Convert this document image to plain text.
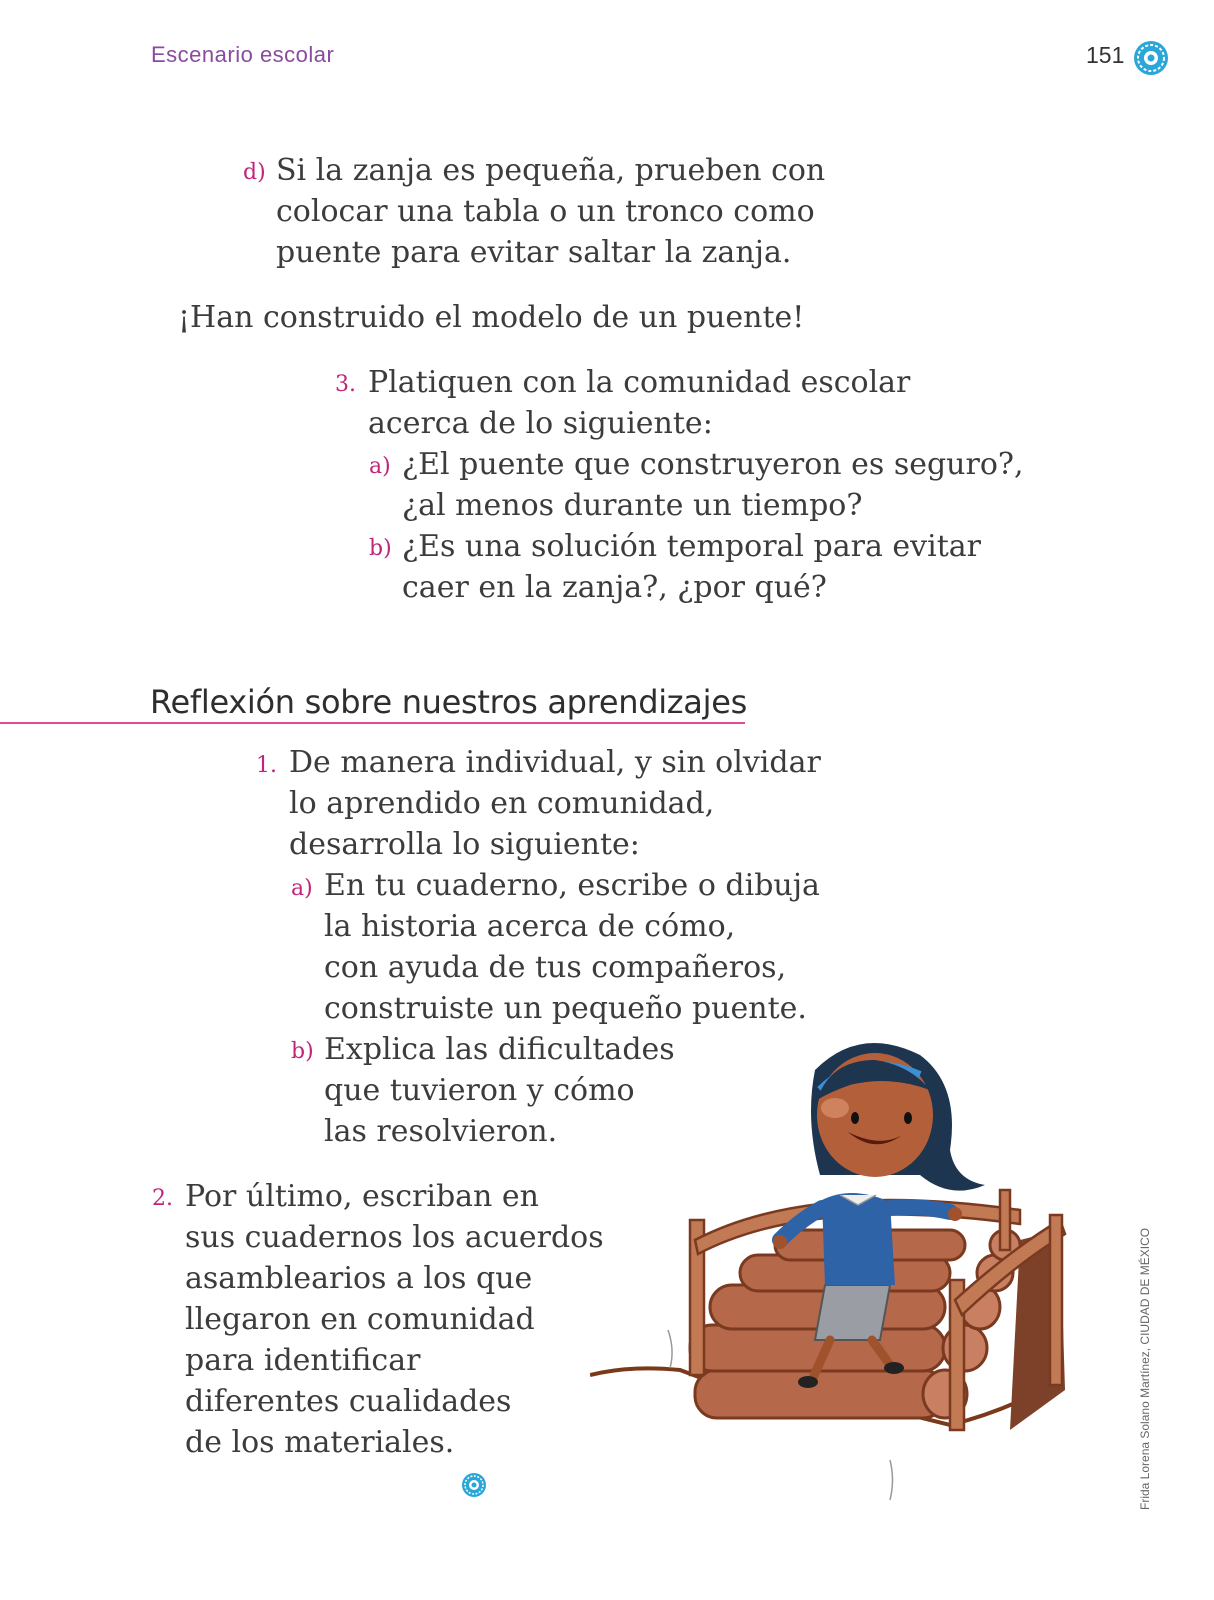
Escenario escolar	151
d) Si la zanja es pequeña, prueben con
colocar una tabla o un tronco como
puente para evitar saltar la zanja.
¡Han construido el modelo de un puente!
3. Platiquen con la comunidad escolar
acerca de lo siguiente:
a) ¿El puente que construyeron es seguro?,
¿al menos durante un tiempo?
b) ¿Es una solución temporal para evitar
caer en la zanja?, ¿por qué?
Reflexión sobre nuestros aprendizajes
1. De manera individual, y sin olvidar
lo aprendido en comunidad,
desarrolla lo siguiente:
a) En tu cuaderno, escribe o dibuja
la historia acerca de cómo,
con ayuda de tus compañeros,
construiste un pequeño puente.
b) Explica las dificultades
que tuvieron y cómo
las resolvieron.
2. Por último, escriban en
sus cuadernos los acuerdos
asamblearios a los que
llegaron en comunidad
para identificar
diferentes cualidades
de los materiales.	Frida Lorena Solano Martínez, CIUDAD DE MÉXICO
